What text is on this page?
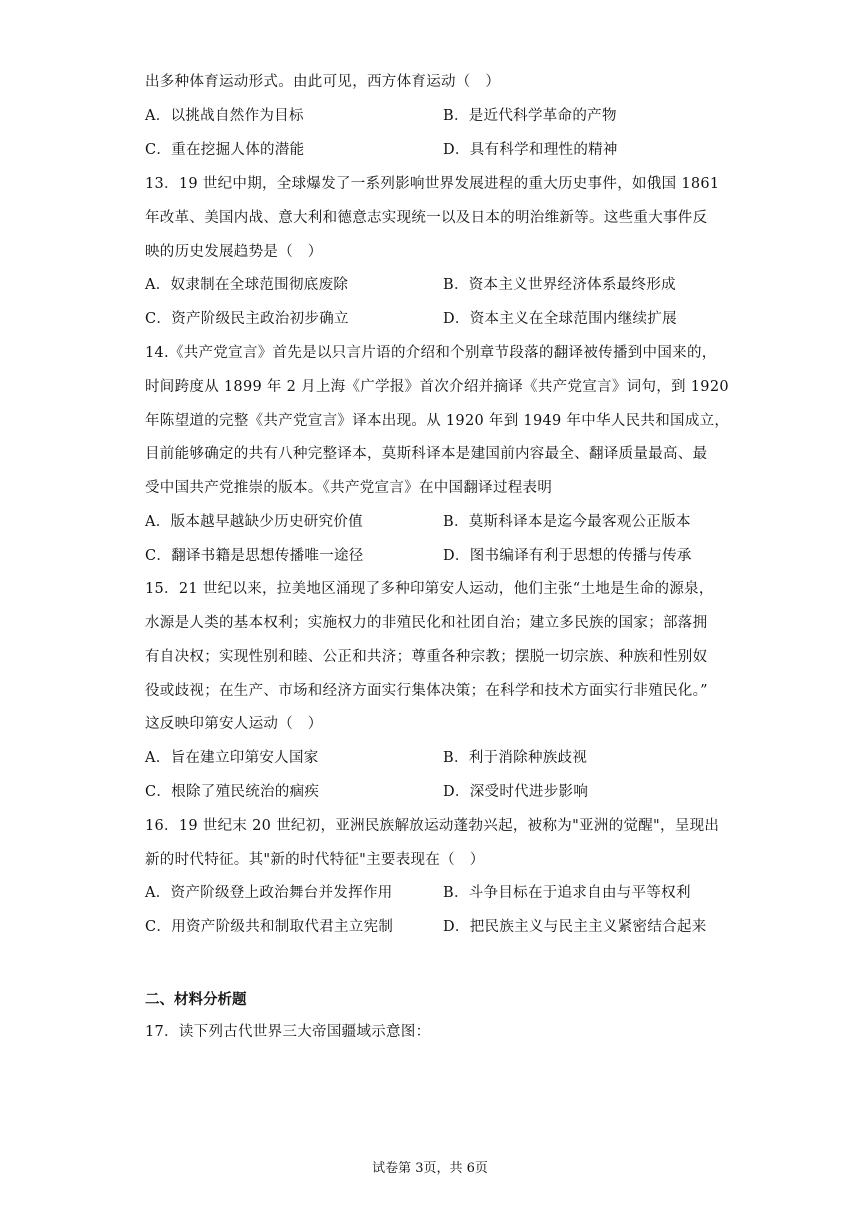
出多种体育运动形式。由此可见，西方体育运动（　）
A．以挑战自然作为目标	B．是近代科学革命的产物
C．重在挖掘人体的潜能	D．具有科学和理性的精神
13．19 世纪中期，全球爆发了一系列影响世界发展进程的重大历史事件，如俄国 1861
年改革、美国内战、意大利和德意志实现统一以及日本的明治维新等。这些重大事件反
映的历史发展趋势是（　）
A．奴隶制在全球范围彻底废除	B．资本主义世界经济体系最终形成
C．资产阶级民主政治初步确立	D．资本主义在全球范围内继续扩展
14.《共产党宣言》首先是以只言片语的介绍和个别章节段落的翻译被传播到中国来的，
时间跨度从 1899 年 2 月上海《广学报》首次介绍并摘译《共产党宣言》词句，到 1920
年陈望道的完整《共产党宣言》译本出现。从 1920 年到 1949 年中华人民共和国成立，
目前能够确定的共有八种完整译本，莫斯科译本是建国前内容最全、翻译质量最高、最
受中国共产党推崇的版本。《共产党宣言》在中国翻译过程表明
A．版本越早越缺少历史研究价值	B．莫斯科译本是迄今最客观公正版本
C．翻译书籍是思想传播唯一途径	D．图书编译有利于思想的传播与传承
15．21 世纪以来，拉美地区涌现了多种印第安人运动，他们主张“土地是生命的源泉，
水源是人类的基本权利；实施权力的非殖民化和社团自治；建立多民族的国家；部落拥
有自决权；实现性别和睦、公正和共济；尊重各种宗教；摆脱一切宗族、种族和性别奴
役或歧视；在生产、市场和经济方面实行集体决策；在科学和技术方面实行非殖民化。”
这反映印第安人运动（　）
A．旨在建立印第安人国家	B．利于消除种族歧视
C．根除了殖民统治的痼疾	D．深受时代进步影响
16．19 世纪末 20 世纪初，亚洲民族解放运动蓬勃兴起，被称为"亚洲的觉醒"，呈现出
新的时代特征。其"新的时代特征"主要表现在（　）
A．资产阶级登上政治舞台并发挥作用	B．斗争目标在于追求自由与平等权利
C．用资产阶级共和制取代君主立宪制	D．把民族主义与民主主义紧密结合起来
二、材料分析题
17．读下列古代世界三大帝国疆域示意图：
试卷第 3页，共 6页
